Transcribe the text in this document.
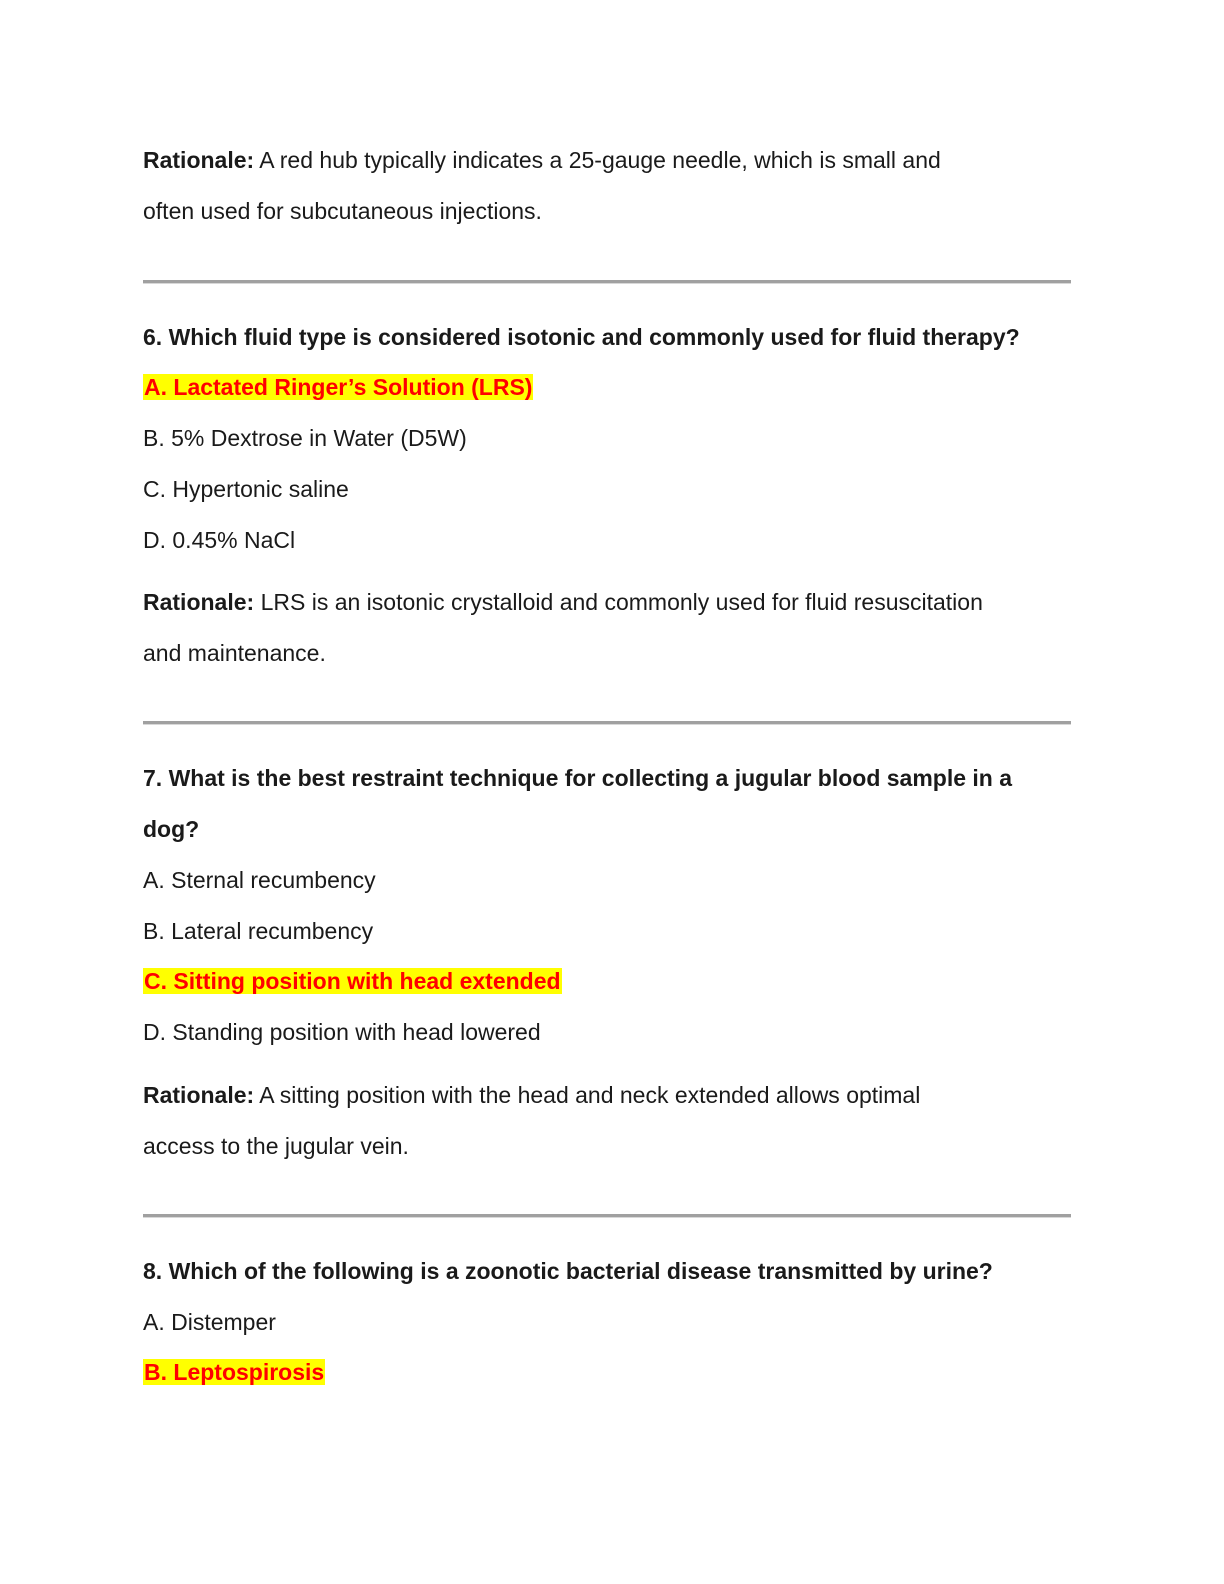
Rationale: A red hub typically indicates a 25-gauge needle, which is small and
often used for subcutaneous injections.
6. Which fluid type is considered isotonic and commonly used for fluid therapy?
A. Lactated Ringer’s Solution (LRS)
B. 5% Dextrose in Water (D5W)
C. Hypertonic saline
D. 0.45% NaCl
Rationale: LRS is an isotonic crystalloid and commonly used for fluid resuscitation
and maintenance.
7. What is the best restraint technique for collecting a jugular blood sample in a
dog?
A. Sternal recumbency
B. Lateral recumbency
C. Sitting position with head extended
D. Standing position with head lowered
Rationale: A sitting position with the head and neck extended allows optimal
access to the jugular vein.
8. Which of the following is a zoonotic bacterial disease transmitted by urine?
A. Distemper
B. Leptospirosis
